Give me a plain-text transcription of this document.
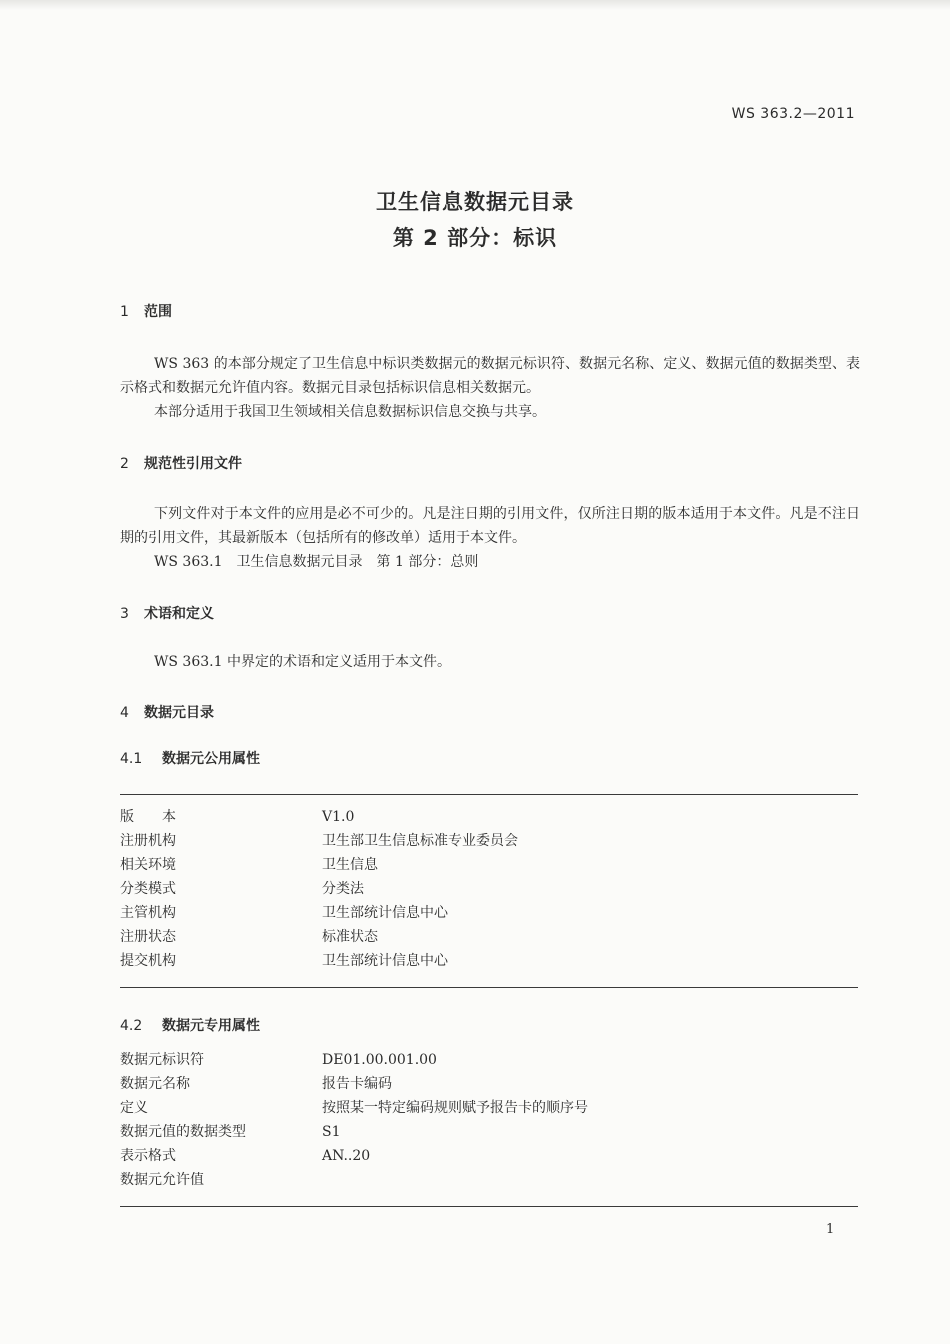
WS 363.2—2011
卫生信息数据元目录
第 2 部分：标识
1 范围

WS 363 的本部分规定了卫生信息中标识类数据元的数据元标识符、数据元名称、定义、数据元值的数据类型、表示格式和数据元允许值内容。数据元目录包括标识信息相关数据元。

本部分适用于我国卫生领域相关信息数据标识信息交换与共享。

2 规范性引用文件

下列文件对于本文件的应用是必不可少的。凡是注日期的引用文件，仅所注日期的版本适用于本文件。凡是不注日期的引用文件，其最新版本（包括所有的修改单）适用于本文件。

WS 363.1　卫生信息数据元目录　第 1 部分：总则

3 术语和定义

WS 363.1 中界定的术语和定义适用于本文件。

4 数据元目录
4.1 数据元公用属性
版　　本	V1.0
注册机构	卫生部卫生信息标准专业委员会
相关环境	卫生信息
分类模式	分类法
主管机构	卫生部统计信息中心
注册状态	标准状态
提交机构	卫生部统计信息中心
4.2 数据元专用属性
数据元标识符	DE01.00.001.00
数据元名称	报告卡编码
定义	按照某一特定编码规则赋予报告卡的顺序号
数据元值的数据类型	S1
表示格式	AN..20
数据元允许值
1
